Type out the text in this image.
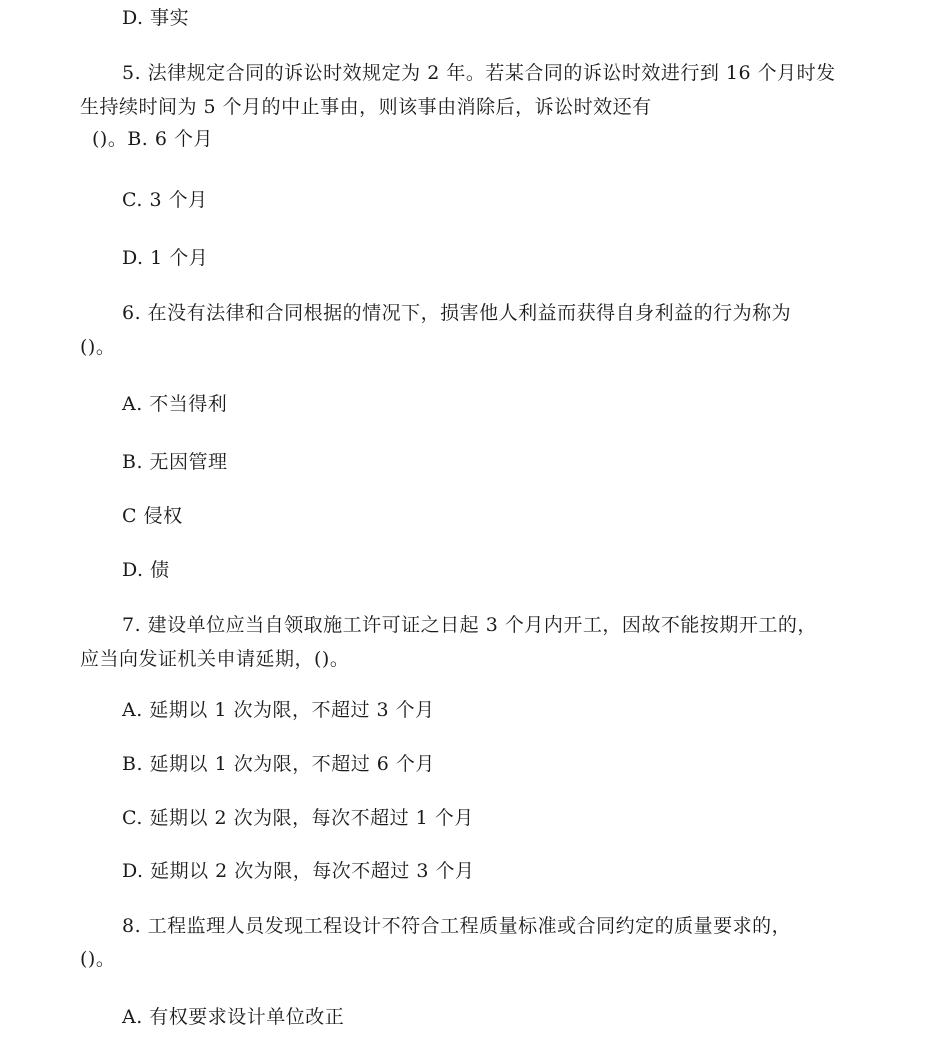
D. 事实
5. 法律规定合同的诉讼时效规定为 2 年。若某合同的诉讼时效进行到 16 个月时发
生持续时间为 5 个月的中止事由，则该事由消除后，诉讼时效还有
()。B. 6 个月
C. 3 个月
D. 1 个月
6. 在没有法律和合同根据的情况下，损害他人利益而获得自身利益的行为称为
()。
A. 不当得利
B. 无因管理
C 侵权
D. 债
7. 建设单位应当自领取施工许可证之日起 3 个月内开工，因故不能按期开工的，
应当向发证机关申请延期，()。
A. 延期以 1 次为限，不超过 3 个月
B. 延期以 1 次为限，不超过 6 个月
C. 延期以 2 次为限，每次不超过 1 个月
D. 延期以 2 次为限，每次不超过 3 个月
8. 工程监理人员发现工程设计不符合工程质量标准或合同约定的质量要求的，
()。
A. 有权要求设计单位改正
